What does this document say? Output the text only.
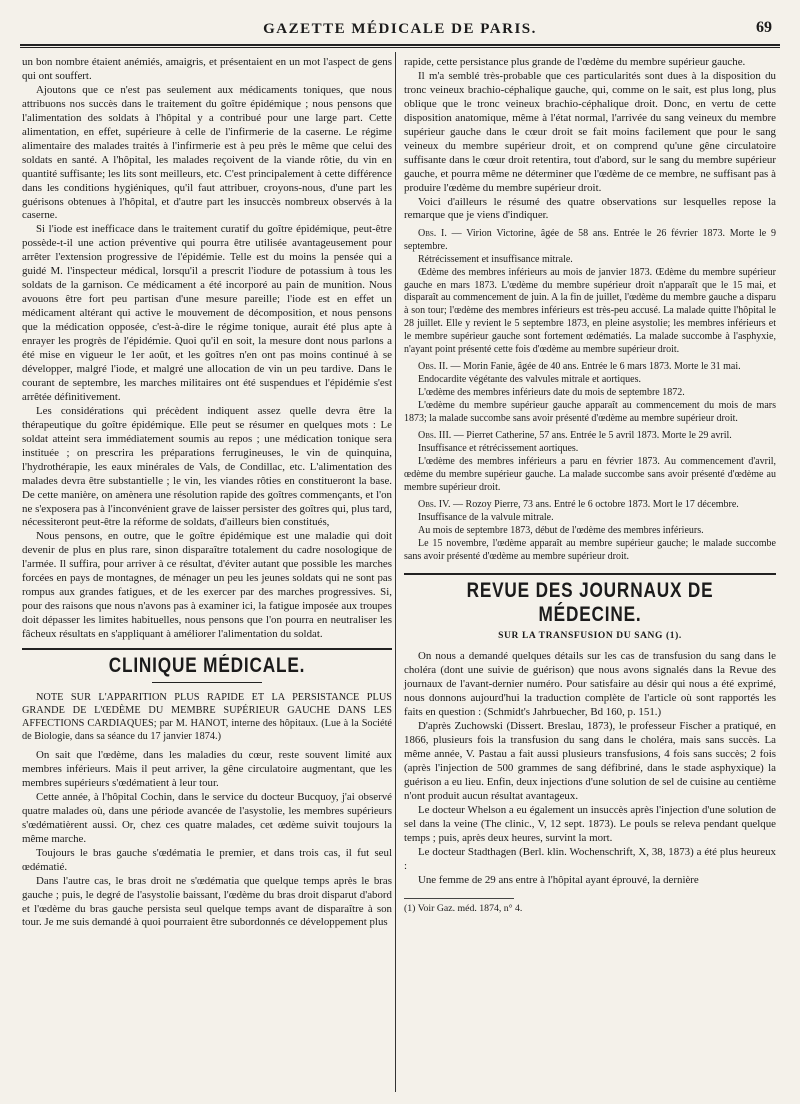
GAZETTE MÉDICALE DE PARIS.	69

un bon nombre étaient anémiés, amaigris, et présentaient en un mot l'aspect de gens qui ont souffert.

Ajoutons que ce n'est pas seulement aux médicaments toniques, que nous attribuons nos succès dans le traitement du goître épidémique ; nous pensons que l'alimentation des soldats à l'hôpital y a contribué pour une large part. Cette alimentation, en effet, supérieure à celle de l'infirmerie de la caserne. Le régime alimentaire des malades traités à l'infirmerie est à peu près le même que celui des soldats en santé. A l'hôpital, les malades reçoivent de la viande rôtie, du vin en quantité suffisante; les lits sont meilleurs, etc. C'est principalement à cette différence dans les conditions hygiéniques, qu'il faut attribuer, croyons-nous, d'une part les guérisons obtenues à l'hôpital, et d'autre part les insuccès nombreux observés à la caserne.

Si l'iode est inefficace dans le traitement curatif du goître épidémique, peut-être possède-t-il une action préventive qui pourra être utilisée avantageusement pour arrêter l'extension progressive de l'épidémie. Telle est du moins la pensée qui a guidé M. l'inspecteur médical, lorsqu'il a prescrit l'iodure de potassium à tous les soldats de la garnison. Ce médicament a été incorporé au pain de munition. Nous avouons être fort peu partisan d'une mesure pareille; l'iode est en effet un médicament altérant qui active le mouvement de décomposition, et nous pensons que la médication opposée, c'est-à-dire le régime tonique, aurait été plus apte à enrayer les progrès de l'épidémie. Quoi qu'il en soit, la mesure dont nous parlons a été mise en vigueur le 1er août, et les goîtres n'en ont pas moins continué à se développer, malgré l'iode, et malgré une allocation de vin un peu tardive. Dans le courant de septembre, les marches militaires ont été suspendues et l'épidémie s'est arrêtée définitivement.

Les considérations qui précèdent indiquent assez quelle devra être la thérapeutique du goître épidémique. Elle peut se résumer en quelques mots : Le soldat atteint sera immédiatement soumis au repos ; une médication tonique sera instituée ; on prescrira les préparations ferrugineuses, le vin de quinquina, l'hydrothérapie, les eaux minérales de Vals, de Condillac, etc. L'alimentation des malades devra être substantielle ; le vin, les viandes rôties en constitueront la base. De cette manière, on amènera une résolution rapide des goîtres commençants, et l'on ne s'exposera pas à l'inconvénient grave de laisser persister des goîtres qui, plus tard, nécessiteront peut-être la réforme de soldats, d'ailleurs bien constitués,

Nous pensons, en outre, que le goître épidémique est une maladie qui doit devenir de plus en plus rare, sinon disparaître totalement du cadre nosologique de l'armée. Il suffira, pour arriver à ce résultat, d'éviter autant que possible les marches forcées en pays de montagnes, de ménager un peu les jeunes soldats qui ne sont pas rompus aux grandes fatigues, et de les exercer par des marches progressives. Si, pour des raisons que nous n'avons pas à examiner ici, la fatigue imposée aux troupes doit dépasser les limites habituelles, nous pensons que l'on pourra en neutraliser les fâcheux résultats en s'appliquant à améliorer l'alimentation du soldat.

CLINIQUE MÉDICALE.

NOTE SUR L'APPARITION PLUS RAPIDE ET LA PERSISTANCE PLUS GRANDE DE L'ŒDÈME DU MEMBRE SUPÉRIEUR GAUCHE DANS LES AFFECTIONS CARDIAQUES; par M. HANOT, interne des hôpitaux. (Lue à la Société de Biologie, dans sa séance du 17 janvier 1874.)

On sait que l'œdème, dans les maladies du cœur, reste souvent limité aux membres inférieurs. Mais il peut arriver, la gêne circulatoire augmentant, que les membres supérieurs s'œdématient à leur tour.

Cette année, à l'hôpital Cochin, dans le service du docteur Bucquoy, j'ai observé quatre malades où, dans une période avancée de l'asystolie, les membres supérieurs s'œdématièrent aussi. Or, chez ces quatre malades, cet œdème suivit toujours la même marche.

Toujours le bras gauche s'œdématia le premier, et dans trois cas, il fut seul œdématié.

Dans l'autre cas, le bras droit ne s'œdématia que quelque temps après le bras gauche ; puis, le degré de l'asystolie baissant, l'œdème du bras droit disparut d'abord et l'œdème du bras gauche persista seul quelque temps avant de disparaître à son tour. Je me suis demandé à quoi pourraient être subordonnés ce développement plus

rapide, cette persistance plus grande de l'œdème du membre supérieur gauche.

Il m'a semblé très-probable que ces particularités sont dues à la disposition du tronc veineux brachio-céphalique gauche, qui, comme on le sait, est plus long, plus oblique que le tronc veineux brachio-céphalique droit. Donc, en vertu de cette disposition anatomique, même à l'état normal, l'arrivée du sang veineux du membre supérieur gauche dans le cœur droit se fait moins facilement que pour le sang veineux du membre supérieur droit, et on comprend qu'une gêne circulatoire suffisante dans le cœur droit retentira, tout d'abord, sur le sang du membre supérieur gauche, et pourra même ne déterminer que l'œdème de ce membre, ne suffisant pas à produire l'œdème du membre supérieur droit.

Voici d'ailleurs le résumé des quatre observations sur lesquelles repose la remarque que je viens d'indiquer.

Obs. I. — Virion Victorine, âgée de 58 ans. Entrée le 26 février 1873. Morte le 9 septembre.

Rétrécissement et insuffisance mitrale.

Œdème des membres inférieurs au mois de janvier 1873. Œdème du membre supérieur gauche en mars 1873. L'œdème du membre supérieur droit n'apparaît que le 15 mai, et disparaît au commencement de juin. A la fin de juillet, l'œdème du membre gauche a disparu à son tour; l'œdème des membres inférieurs est très-peu accusé. La malade quitte l'hôpital le 28 juillet. Elle y revient le 5 septembre 1873, en pleine asystolie; les membres inférieurs et le membre supérieur gauche sont fortement œdématiés. La malade succombe à l'asphyxie, n'ayant point présenté cette fois d'œdème au membre supérieur droit.

Obs. II. — Morin Fanie, âgée de 40 ans. Entrée le 6 mars 1873. Morte le 31 mai.

Endocardite végétante des valvules mitrale et aortiques.

L'œdème des membres inférieurs date du mois de septembre 1872.

L'œdème du membre supérieur gauche apparaît au commencement du mois de mars 1873; la malade succombe sans avoir présenté d'œdème au membre supérieur droit.

Obs. III. — Pierret Catherine, 57 ans. Entrée le 5 avril 1873. Morte le 29 avril.

Insuffisance et rétrécissement aortiques.

L'œdème des membres inférieurs a paru en février 1873. Au commencement d'avril, œdème du membre supérieur gauche. La malade succombe sans avoir présenté d'œdème au membre supérieur droit.

Obs. IV. — Rozoy Pierre, 73 ans. Entré le 6 octobre 1873. Mort le 17 décembre.

Insuffisance de la valvule mitrale.

Au mois de septembre 1873, début de l'œdème des membres inférieurs.

Le 15 novembre, l'œdème apparaît au membre supérieur gauche; le malade succombe sans avoir présenté d'œdème au membre supérieur droit.

REVUE DES JOURNAUX DE MÉDECINE.
SUR LA TRANSFUSION DU SANG (1).

On nous a demandé quelques détails sur les cas de transfusion du sang dans le choléra (dont une suivie de guérison) que nous avons signalés dans la Revue des journaux de l'avant-dernier numéro. Pour satisfaire au désir qui nous a été exprimé, nous donnons aujourd'hui la traduction complète de l'article où sont rapportés les faits en question : (Schmidt's Jahrbuecher, Bd 160, p. 151.)

D'après Zuchowski (Dissert. Breslau, 1873), le professeur Fischer a pratiqué, en 1866, plusieurs fois la transfusion du sang dans le choléra, mais sans succès. La même année, V. Pastau a fait aussi plusieurs transfusions, 4 fois sans succès; 2 fois (après l'injection de 500 grammes de sang défibriné, dans le stade asphyxique) la guérison a eu lieu. Enfin, deux injections d'une solution de sel de cuisine au centième n'ont produit aucun résultat avantageux.

Le docteur Whelson a eu également un insuccès après l'injection d'une solution de sel dans la veine (The clinic., V, 12 sept. 1873). Le pouls se releva pendant quelque temps ; puis, après deux heures, survint la mort.

Le docteur Stadthagen (Berl. klin. Wochenschrift, X, 38, 1873) a été plus heureux :

Une femme de 29 ans entre à l'hôpital ayant éprouvé, la dernière

(1) Voir Gaz. méd. 1874, n° 4.
